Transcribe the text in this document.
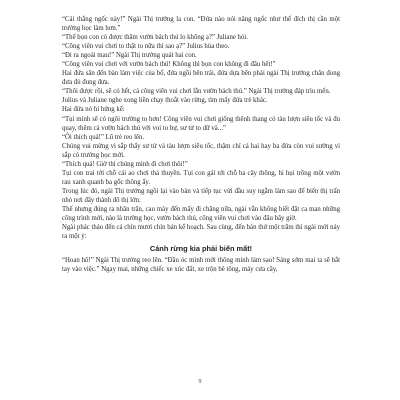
“Cái thằng ngốc này!” Ngài Thị trưởng la con. “Đứa nào nói năng ngốc như thế đích thị cần một trường học làm hơn.”

“Thế bọn con có được thăm vườn bách thú lo không ạ?” Juliane hỏi.

“Công viên vui chơi to thật to nữa thì sao ạ?” Julius hùa theo.

“Đi ra ngoài mau!” Ngài Thị trưởng quát hai con.

“Công viên vui chơi với vườn bách thú! Không thì bọn con không đi đâu hết!”

Hai đứa sân đến bàn làm việc của bố, đứa ngồi bên trái, đứa dựa bên phải ngài Thị trưởng chân đong đưa đủ đung đưa.

“Thôi được rồi, sẽ có hết, cả công viên vui chơi lẫn vườn bách thú.” Ngài Thị trưởng đáp trìu mến.

Julius và Juliane nghe xong liền chạy thoắt vào rừng, tìm mấy đứa trẻ khác.

Hai đứa nó hí hửng kể:

“Tụi mình sẽ có ngôi trường to hơn! Công viên vui chơi giống thênh thang có tàu lượn siêu tốc và đu quay, thêm cả vườn bách thú với voi to bự, sư tử to dữ và...”

“Ôi thích quá!” Lũ trẻ reo lên.

Chúng vui mừng vì sắp thấy sư tử và tàu lượn siêu tốc, thậm chí cả hai hay ba đứa còn vui sướng vì sắp có trường học mới.

“Thích quá! Giờ thì chúng mình đi chơi thôi!”

Tụi con trai tới chỗ cái ao chơi thả thuyền. Tụi con gái tới chỗ ba cây thông, hí hụi trồng một vườn rau xanh quanh ba gốc thông ấy.

Trong lúc đó, ngài Thị trưởng ngồi lại vào bàn và tiếp tục vừi đầu suy ngẫm làm sao để biến thị trấn nhỏ nơi đây thành đô thị lớn.

Thế nhưng đúng ra nhân trăn, cau mày đến mấy đi chăng nữa, ngài vẫn không biết đặt ca man những công trình mới, nào là trường học, vườn bách thú, công viên vui chơi vào đâu bây giờ.

Ngài phác thảo đến cả chín mươi chín bản kế hoạch. Sau cùng, đến bản thứ một trăm thì ngài mới nảy ra một ý:

Cánh rừng kia phải biến mất!

“Hoan hô!” Ngài Thị trưởng reo lên. “Đầu óc mình mới thông minh làm sao! Sáng sớm mai ta sẽ bắt tay vào việc.” Ngay mai, những chiếc xe xúc đất, xe trộn bê tông, máy cưa cây,

9
